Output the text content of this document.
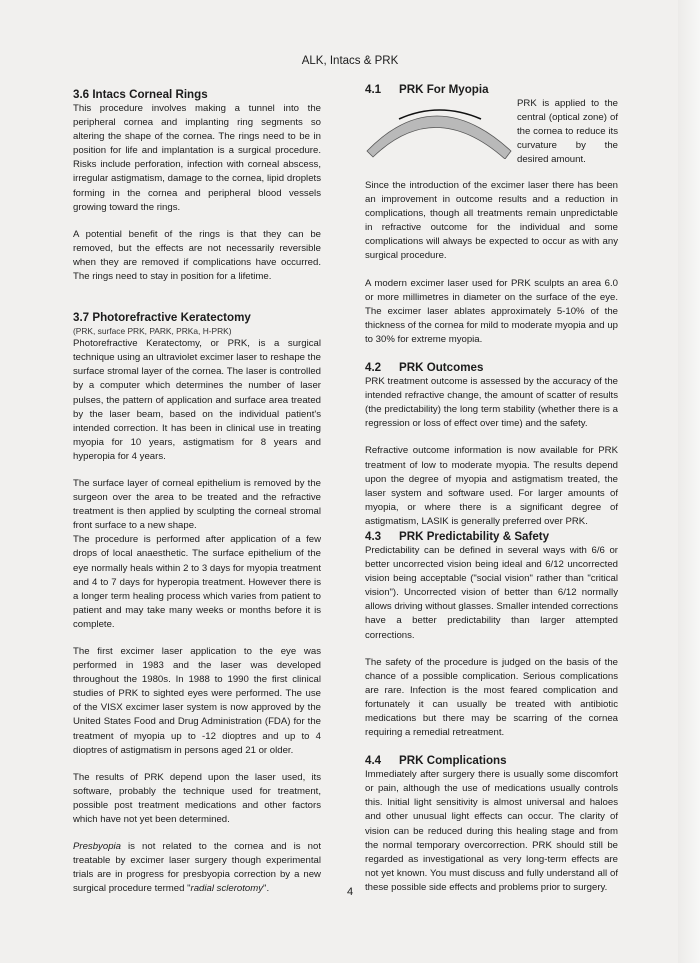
ALK, Intacs & PRK
3.6 Intacs Corneal Rings

This procedure involves making a tunnel into the peripheral cornea and implanting ring segments so altering the shape of the cornea. The rings need to be in position for life and implantation is a surgical procedure. Risks include perforation, infection with corneal abscess, irregular astigmatism, damage to the cornea, lipid droplets forming in the cornea and peripheral blood vessels growing toward the rings.

A potential benefit of the rings is that they can be removed, but the effects are not necessarily reversible when they are removed if complications have occurred. The rings need to stay in position for a lifetime.

3.7 Photorefractive Keratectomy
(PRK, surface PRK, PARK, PRKa, H-PRK)

Photorefractive Keratectomy, or PRK, is a surgical technique using an ultraviolet excimer laser to reshape the surface stromal layer of the cornea. The laser is controlled by a computer which determines the number of laser pulses, the pattern of application and surface area treated by the laser beam, based on the individual patient's intended correction. It has been in clinical use in treating myopia for 10 years, astigmatism for 8 years and hyperopia for 4 years.

The surface layer of corneal epithelium is removed by the surgeon over the area to be treated and the refractive treatment is then applied by sculpting the corneal stromal front surface to a new shape.

The procedure is performed after application of a few drops of local anaesthetic. The surface epithelium of the eye normally heals within 2 to 3 days for myopia treatment and 4 to 7 days for hyperopia treatment. However there is a longer term healing process which varies from patient to patient and may take many weeks or months before it is complete.

The first excimer laser application to the eye was performed in 1983 and the laser was developed throughout the 1980s. In 1988 to 1990 the first clinical studies of PRK to sighted eyes were performed. The use of the VISX excimer laser system is now approved by the United States Food and Drug Administration (FDA) for the treatment of myopia up to -12 dioptres and up to 4 dioptres of astigmatism in persons aged 21 or older.

The results of PRK depend upon the laser used, its software, probably the technique used for treatment, possible post treatment medications and other factors which have not yet been determined.

Presbyopia is not related to the cornea and is not treatable by excimer laser surgery though experimental trials are in progress for presbyopia correction by a new surgical procedure termed "radial sclerotomy".

4.1 PRK For Myopia
PRK is applied to the central (optical zone) of the cornea to reduce its curvature by the desired amount.

Since the introduction of the excimer laser there has been an improvement in outcome results and a reduction in complications, though all treatments remain unpredictable in refractive outcome for the individual and some complications will always be expected to occur as with any surgical procedure.

A modern excimer laser used for PRK sculpts an area 6.0 or more millimetres in diameter on the surface of the eye. The excimer laser ablates approximately 5-10% of the thickness of the cornea for mild to moderate myopia and up to 30% for extreme myopia.

4.2 PRK Outcomes

PRK treatment outcome is assessed by the accuracy of the intended refractive change, the amount of scatter of results (the predictability) the long term stability (whether there is a regression or loss of effect over time) and the safety.

Refractive outcome information is now available for PRK treatment of low to moderate myopia. The results depend upon the degree of myopia and astigmatism treated, the laser system and software used. For larger amounts of myopia, or where there is a significant degree of astigmatism, LASIK is generally preferred over PRK.

4.3 PRK Predictability & Safety

Predictability can be defined in several ways with 6/6 or better uncorrected vision being ideal and 6/12 uncorrected vision being acceptable ("social vision" rather than "critical vision"). Uncorrected vision of better than 6/12 normally allows driving without glasses. Smaller intended corrections have a better predictability than larger attempted corrections.

The safety of the procedure is judged on the basis of the chance of a possible complication. Serious complications are rare. Infection is the most feared complication and fortunately it can usually be treated with antibiotic medications but there may be scarring of the cornea requiring a remedial retreatment.

4.4 PRK Complications

Immediately after surgery there is usually some discomfort or pain, although the use of medications usually controls this. Initial light sensitivity is almost universal and haloes and other unusual light effects can occur. The clarity of vision can be reduced during this healing stage and from the normal temporary overcorrection. PRK should still be regarded as investigational as very long-term effects are not yet known. You must discuss and fully understand all of these possible side effects and problems prior to surgery.

4
